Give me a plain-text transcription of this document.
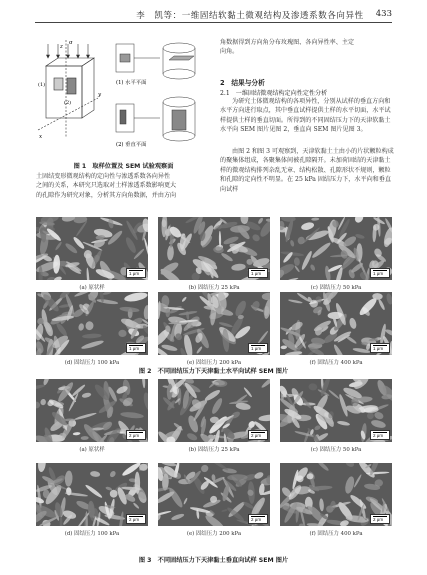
李　凯等：一维固结软黏土微观结构及渗透系数各向异性	433
σ
x
y
z
(1)
(2)
(1) 水平平面
(2) 垂直平面
图 1　取样位置及 SEM 试验观察面
土固结变形微观结构的定向性与渗透系数各向异性
之间的关系，本研究只选取对土样渗透系数影响更大
的孔隙作为研究对象，分析其方向角数据，并由方向
角数据得到方向角分布玫瑰图、各向异性率、主定
向角。
2　结果与分析
2.1　一维固结微观结构定向性定性分析
为研究土体微观结构的各项异性，分别从试样的垂直方向和水平方向进行取点，其中垂直试样提供土样的水平切面，水平试样提供土样的垂直切面。所得到的不同固结压力下的天津软黏土水平向 SEM 图片见图 2，垂直向 SEM 图片见图 3。
由图 2 和图 3 可观察到，天津软黏土土由小的片状颗粒构成的聚集体组成，各聚集体间被孔隙隔开。未加荷固结的天津黏土样的微观结构排列杂乱无章、结构松散、孔隙形状不规则，颗粒和孔隙的定向性不明显。在 25 kPa 固结压力下，水平向和垂直向试样
1 μm	1 μm	1 μm
(a) 原状样	(b) 固结压力 25 kPa	(c) 固结压力 50 kPa
1 μm	1 μm	1 μm
(d) 固结压力 100 kPa	(e) 固结压力 200 kPa	(f) 固结压力 400 kPa
图 2　不同固结压力下天津黏土水平向试样 SEM 图片
2 μm	2 μm	2 μm
(a) 原状样	(b) 固结压力 25 kPa	(c) 固结压力 50 kPa
2 μm	2 μm	2 μm
(d) 固结压力 100 kPa	(e) 固结压力 200 kPa	(f) 固结压力 400 kPa
图 3　不同固结压力下天津黏土垂直向试样 SEM 图片
